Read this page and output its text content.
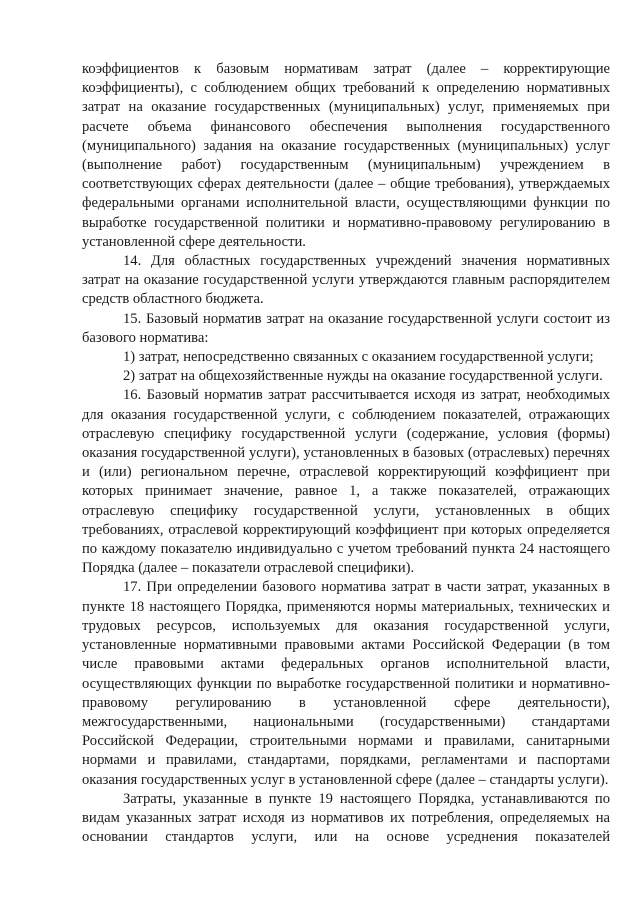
коэффициентов к базовым нормативам затрат (далее – корректирующие коэффициенты), с соблюдением общих требований к определению нормативных затрат на оказание государственных (муниципальных) услуг, применяемых при расчете объема финансового обеспечения выполнения государственного (муниципального) задания на оказание государственных (муниципальных) услуг (выполнение работ) государственным (муниципальным) учреждением в соответствующих сферах деятельности (далее – общие требования), утверждаемых федеральными органами исполнительной власти, осуществляющими функции по выработке государственной политики и нормативно-правовому регулированию в установленной сфере деятельности.

14. Для областных государственных учреждений значения нормативных затрат на оказание государственной услуги утверждаются главным распорядителем средств областного бюджета.

15. Базовый норматив затрат на оказание государственной услуги состоит из базового норматива:

1) затрат, непосредственно связанных с оказанием государственной услуги;

2) затрат на общехозяйственные нужды на оказание государственной услуги.

16. Базовый норматив затрат рассчитывается исходя из затрат, необходимых для оказания государственной услуги, с соблюдением показателей, отражающих отраслевую специфику государственной услуги (содержание, условия (формы) оказания государственной услуги), установленных в базовых (отраслевых) перечнях и (или) региональном перечне, отраслевой корректирующий коэффициент при которых принимает значение, равное 1, а также показателей, отражающих отраслевую специфику государственной услуги, установленных в общих требованиях, отраслевой корректирующий коэффициент при которых определяется по каждому показателю индивидуально с учетом требований пункта 24 настоящего Порядка (далее – показатели отраслевой специфики).

17. При определении базового норматива затрат в части затрат, указанных в пункте 18 настоящего Порядка, применяются нормы материальных, технических и трудовых ресурсов, используемых для оказания государственной услуги, установленные нормативными правовыми актами Российской Федерации (в том числе правовыми актами федеральных органов исполнительной власти, осуществляющих функции по выработке государственной политики и нормативно-правовому регулированию в установленной сфере деятельности), межгосударственными, национальными (государственными) стандартами Российской Федерации, строительными нормами и правилами, санитарными нормами и правилами, стандартами, порядками, регламентами и паспортами оказания государственных услуг в установленной сфере (далее – стандарты услуги).

Затраты, указанные в пункте 19 настоящего Порядка, устанавливаются по видам указанных затрат исходя из нормативов их потребления, определяемых на основании стандартов услуги, или на основе усреднения показателей
